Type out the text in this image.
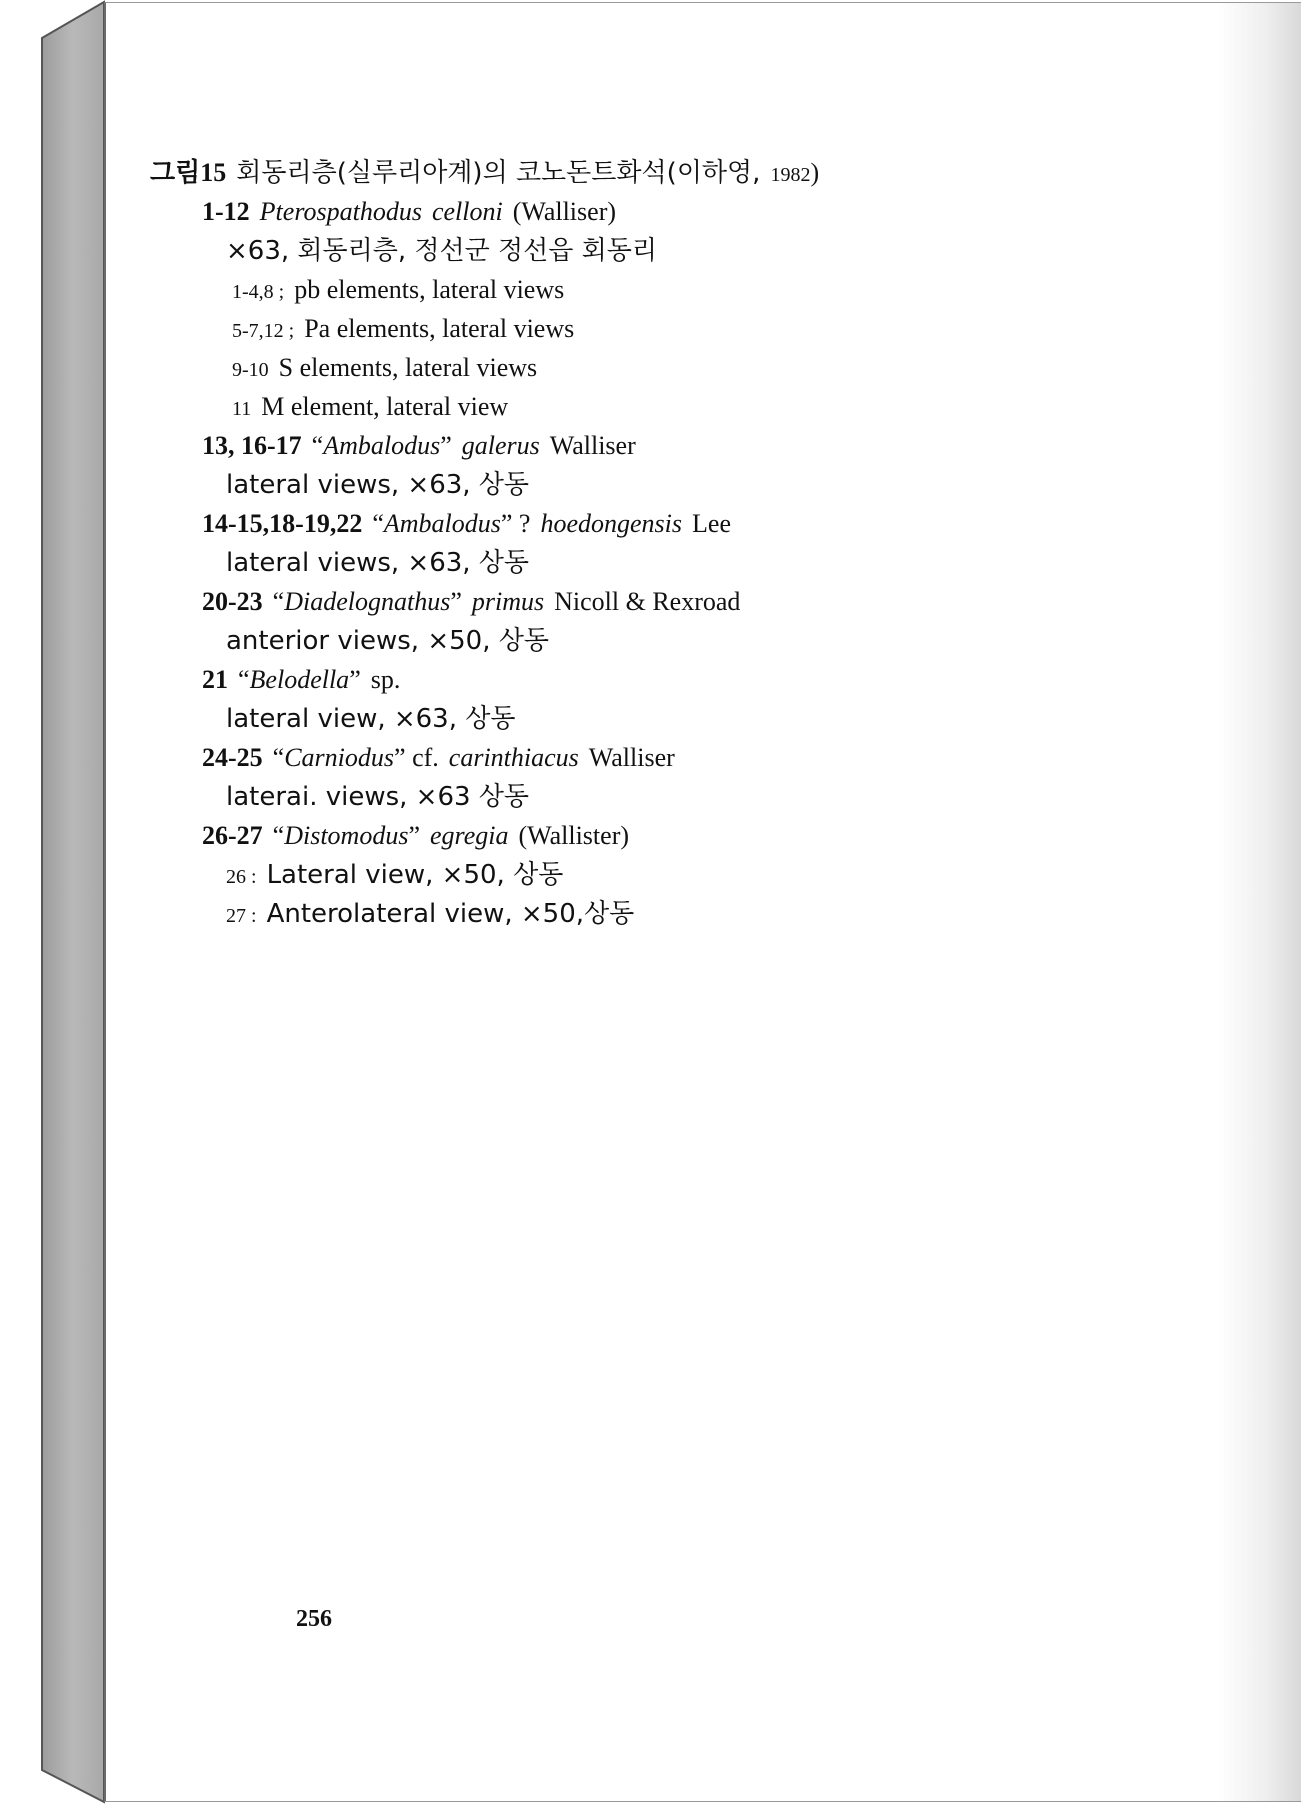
그림15 회동리층(실루리아계)의 코노돈트화석(이하영, 1982)
1-12 Pterospathodus celloni (Walliser)
×63, 회동리층, 정선군 정선읍 회동리
1-4,8 ; pb elements, lateral views
5-7,12 ; Pa elements, lateral views
9-10 S elements, lateral views
11 M element, lateral view
13, 16-17 “Ambalodus” galerus Walliser
lateral views, ×63, 상동
14-15,18-19,22 “Ambalodus” ? hoedongensis Lee
lateral views, ×63, 상동
20-23 “Diadelognathus” primus Nicoll & Rexroad
anterior views, ×50, 상동
21 “Belodella” sp.
lateral view, ×63, 상동
24-25 “Carniodus” cf. carinthiacus Walliser
laterai. views, ×63 상동
26-27 “Distomodus” egregia (Wallister)
26 : Lateral view, ×50, 상동
27 : Anterolateral view, ×50,상동
256
